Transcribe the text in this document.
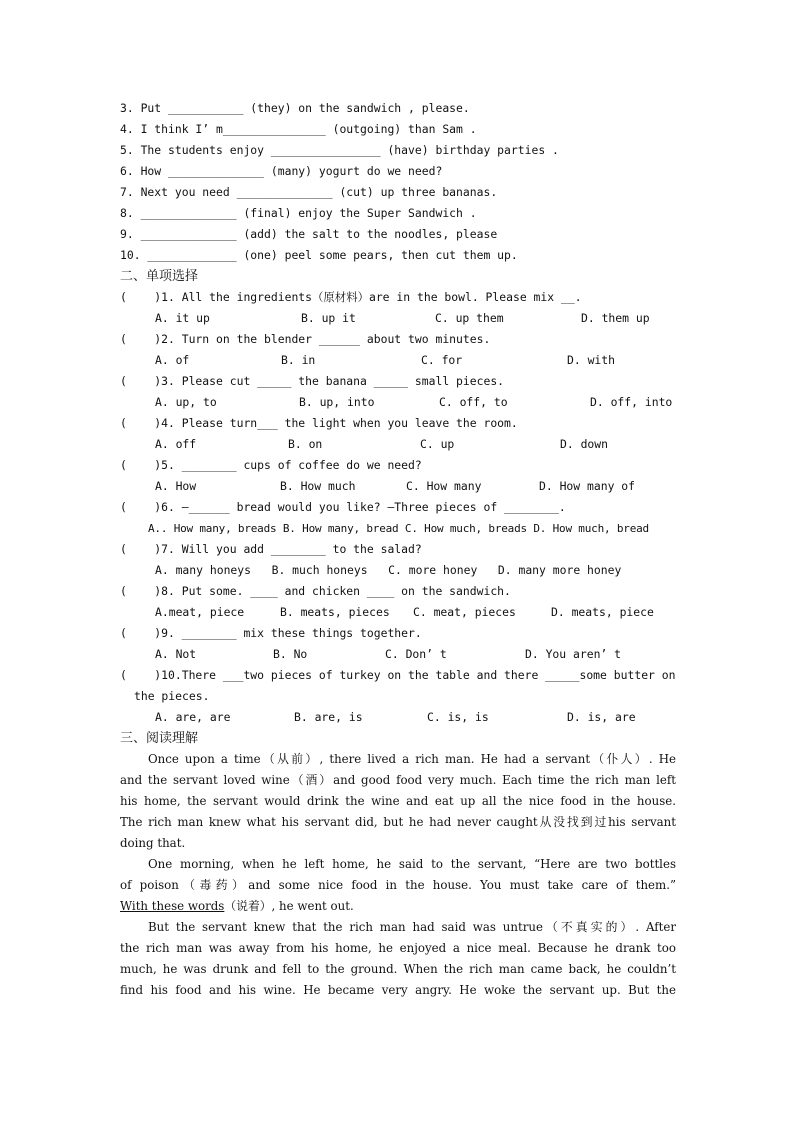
3. Put ___________ (they) on the sandwich , please.
4. I think I’ m_______________ (outgoing) than Sam .
5. The students enjoy ________________ (have) birthday parties .
6. How ______________ (many) yogurt do we need?
7. Next you need ______________ (cut) up three bananas.
8. ______________ (final) enjoy the Super Sandwich .
9. ______________ (add) the salt to the noodles, please
10. _____________ (one) peel some pears, then cut them up.
二、单项选择
(    )1. All the ingredients（原材料）are in the bowl. Please mix __.
A. it up	B. up it	C. up them	D. them up
(    )2. Turn on the blender ______ about two minutes.
A. of	B. in	C. for	D. with
(    )3. Please cut _____ the banana _____ small pieces.
A. up, to	B. up, into	C. off, to	D. off, into
(    )4. Please turn___ the light when you leave the room.
A. off	B. on	C. up	D. down
(    )5. ________ cups of coffee do we need?
A. How	B. How much	C. How many	D. How many of
(    )6. —______ bread would you like? —Three pieces of ________.
A.. How many, breads B. How many, bread C. How much, breads D. How much, bread
(    )7. Will you add ________ to the salad?
A. many honeys   B. much honeys   C. more honey   D. many more honey
(    )8. Put some. ____ and chicken ____ on the sandwich.
A.meat, piece	B. meats, pieces	C. meat, pieces	D. meats, piece
(    )9. ________ mix these things together.
A. Not	B. No	C. Don’ t	D. You aren’ t
(    )10.There ___two pieces of turkey on the table and there _____some butter on
the pieces.
A. are, are	B. are, is	C. is, is	D. is, are
三、阅读理解
Once upon a time（从前）, there lived a rich man. He had a servant（仆人）. He
and the servant loved wine（酒）and good food very much. Each time the rich man left
his home, the servant would drink the wine and eat up all the nice food in the house.
The rich man knew what his servant did, but he had never caught从没找到过his servant
doing that.
One morning, when he left home, he said to the servant, “Here are two bottles
of poison（毒药）and some nice food in the house. You must take care of them.”
With these words（说着）, he went out.
But the servant knew that the rich man had said was untrue（不真实的）. After
the rich man was away from his home, he enjoyed a nice meal. Because he drank too
much, he was drunk and fell to the ground. When the rich man came back, he couldn’t
find his food and his wine. He became very angry. He woke the servant up. But the
